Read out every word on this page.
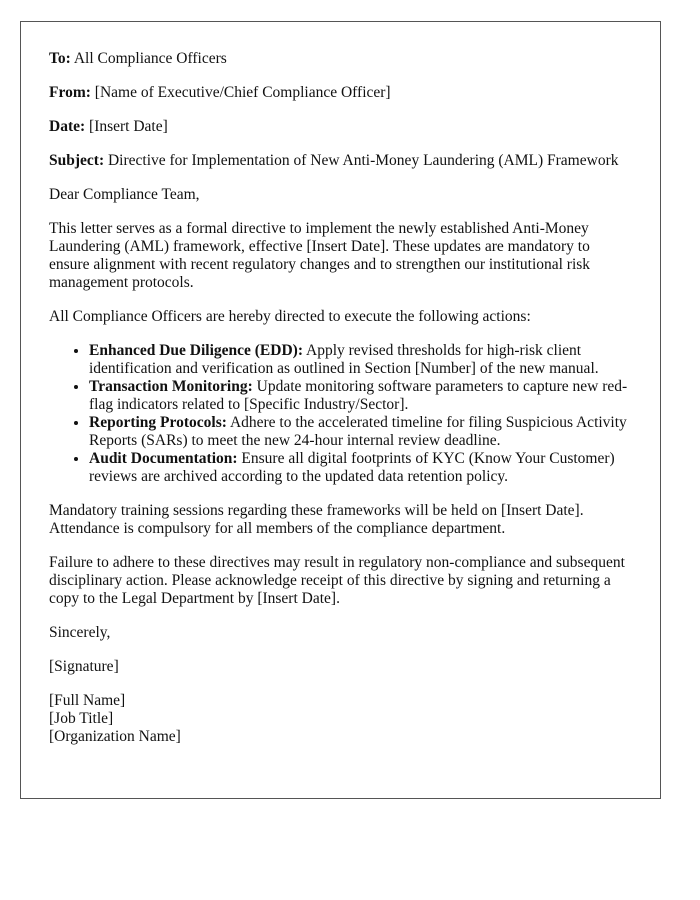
To: All Compliance Officers
From: [Name of Executive/Chief Compliance Officer]
Date: [Insert Date]
Subject: Directive for Implementation of New Anti-Money Laundering (AML) Framework

Dear Compliance Team,

This letter serves as a formal directive to implement the newly established Anti-Money Laundering (AML) framework, effective [Insert Date]. These updates are mandatory to ensure alignment with recent regulatory changes and to strengthen our institutional risk management protocols.

All Compliance Officers are hereby directed to execute the following actions:

• Enhanced Due Diligence (EDD): Apply revised thresholds for high-risk client identification and verification as outlined in Section [Number] of the new manual.
• Transaction Monitoring: Update monitoring software parameters to capture new red-flag indicators related to [Specific Industry/Sector].
• Reporting Protocols: Adhere to the accelerated timeline for filing Suspicious Activity Reports (SARs) to meet the new 24-hour internal review deadline.
• Audit Documentation: Ensure all digital footprints of KYC (Know Your Customer) reviews are archived according to the updated data retention policy.

Mandatory training sessions regarding these frameworks will be held on [Insert Date]. Attendance is compulsory for all members of the compliance department.

Failure to adhere to these directives may result in regulatory non-compliance and subsequent disciplinary action. Please acknowledge receipt of this directive by signing and returning a copy to the Legal Department by [Insert Date].

Sincerely,

[Signature]

[Full Name]
[Job Title]
[Organization Name]
